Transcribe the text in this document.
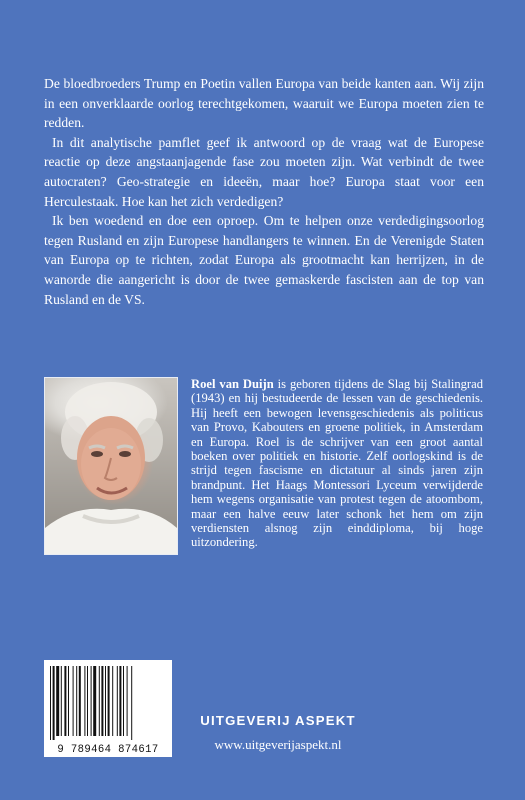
De bloedbroeders Trump en Poetin vallen Europa van beide kanten aan. Wij zijn in een onverklaarde oorlog terechtgekomen, waaruit we Europa moeten zien te redden.

In dit analytische pamflet geef ik antwoord op de vraag wat de Europese reactie op deze angstaanjagende fase zou moeten zijn. Wat verbindt de twee autocraten? Geo-strategie en ideeën, maar hoe? Europa staat voor een Herculestaak. Hoe kan het zich verdedigen?

Ik ben woedend en doe een oproep. Om te helpen onze verdedigingsoorlog tegen Rusland en zijn Europese handlangers te winnen. En de Verenigde Staten van Europa op te richten, zodat Europa als grootmacht kan herrijzen, in de wanorde die aangericht is door de twee gemaskerde fascisten aan de top van Rusland en de VS.

Roel van Duijn is geboren tijdens de Slag bij Stalingrad (1943) en hij bestudeerde de lessen van de geschiedenis. Hij heeft een bewogen levensgeschiedenis als politicus van Provo, Kabouters en groene politiek, in Amsterdam en Europa. Roel is de schrijver van een groot aantal boeken over politiek en historie. Zelf oorlogskind is de strijd tegen fascisme en dictatuur al sinds jaren zijn brandpunt. Het Haags Montessori Lyceum verwijderde hem wegens organisatie van protest tegen de atoombom, maar een halve eeuw later schonk het hem om zijn verdiensten alsnog zijn einddiploma, bij hoge uitzondering.

9 789464 874617
UITGEVERIJ ASPEKT
www.uitgeverijaspekt.nl
